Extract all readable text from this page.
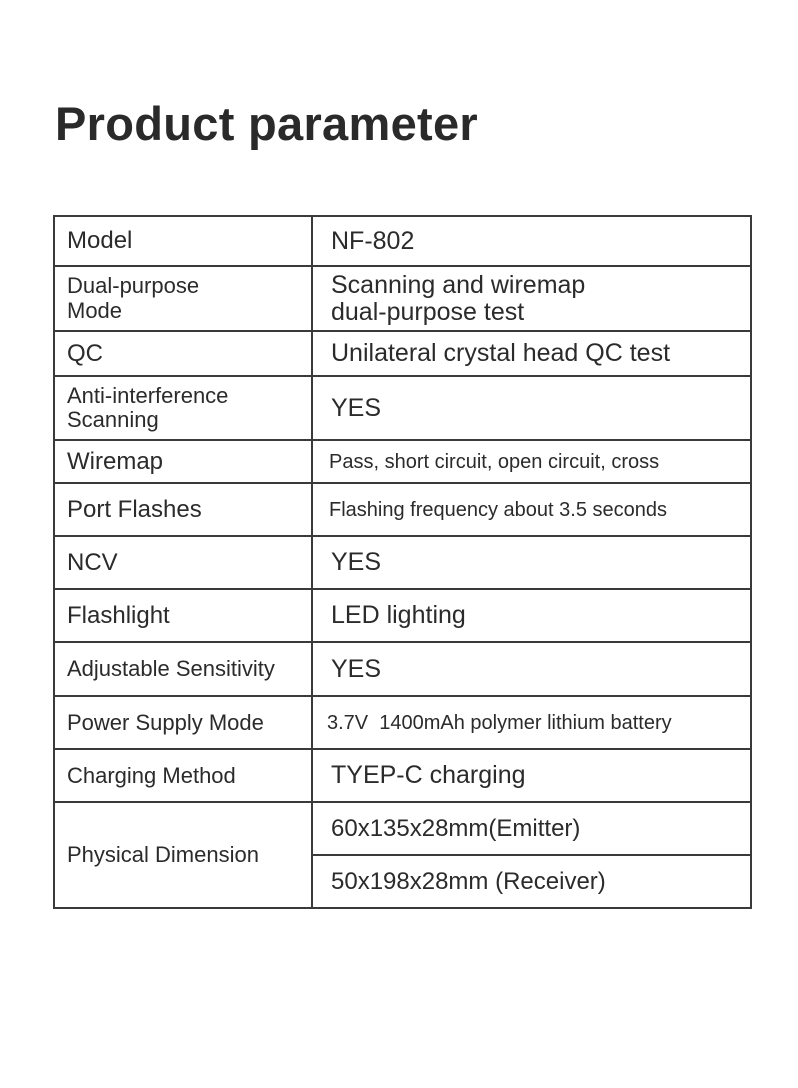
Product parameter
Model	NF-802

Dual-purpose Mode	Scanning and wiremap dual-purpose test

QC	Unilateral crystal head QC test

Anti-interference Scanning	YES
Wiremap	Pass, short circuit, open circuit, cross
Port Flashes	Flashing frequency about 3.5 seconds
NCV	YES
Flashlight	LED lighting
Adjustable Sensitivity	YES
Power Supply Mode	3.7V  1400mAh polymer lithium battery
Charging Method	TYEP-C charging
Physical Dimension	60x135x28mm(Emitter)
	50x198x28mm (Receiver)
